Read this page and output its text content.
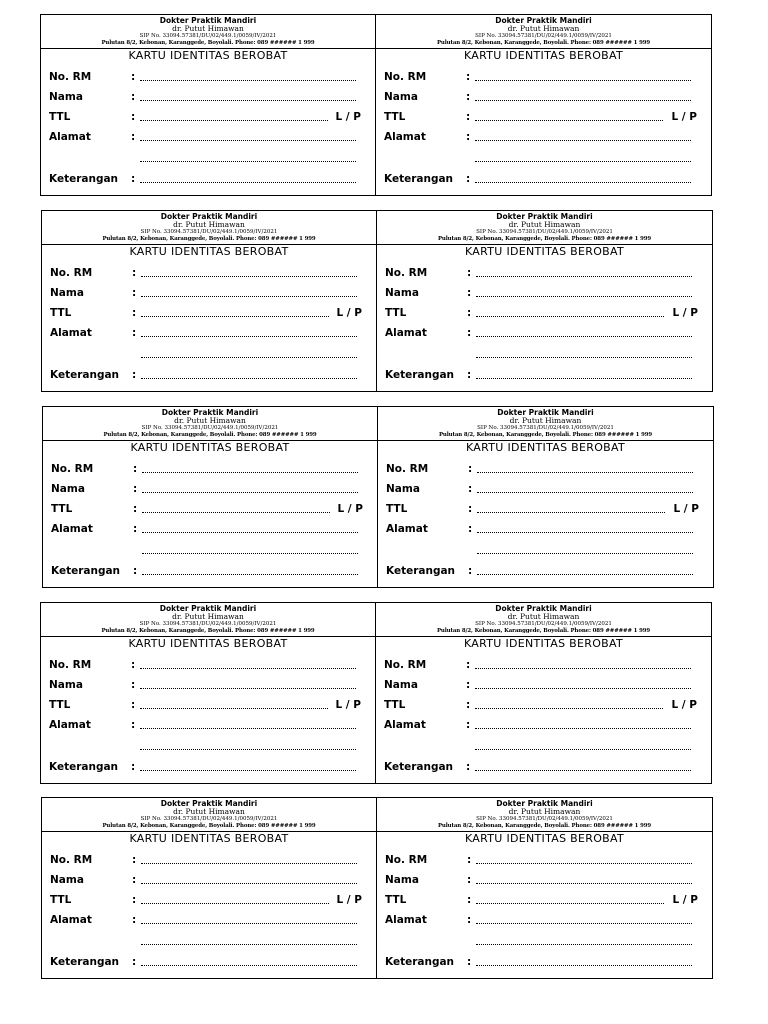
Dokter Praktik Mandiri
dr. Putut Himawan
SIP No. 33094.57381/DU/02/449.1/0059/IV/2021
Pulutan 8/2, Kebonan, Karanggede, Boyolali. Phone: 089 ###### 1 999
KARTU IDENTITAS BEROBAT
No. RM	:
Nama	:
TTL	:	L / P
Alamat	:
Keterangan :
Dokter Praktik Mandiri
dr. Putut Himawan
SIP No. 33094.57381/DU/02/449.1/0059/IV/2021
Pulutan 8/2, Kebonan, Karanggede, Boyolali. Phone: 089 ###### 1 999
KARTU IDENTITAS BEROBAT
No. RM	:
Nama	:
TTL	:	L / P
Alamat	:
Keterangan :
Dokter Praktik Mandiri
dr. Putut Himawan
SIP No. 33094.57381/DU/02/449.1/0059/IV/2021
Pulutan 8/2, Kebonan, Karanggede, Boyolali. Phone: 089 ###### 1 999
KARTU IDENTITAS BEROBAT
No. RM	:
Nama	:
TTL	:	L / P
Alamat	:
Keterangan :
Dokter Praktik Mandiri
dr. Putut Himawan
SIP No. 33094.57381/DU/02/449.1/0059/IV/2021
Pulutan 8/2, Kebonan, Karanggede, Boyolali. Phone: 089 ###### 1 999
KARTU IDENTITAS BEROBAT
No. RM	:
Nama	:
TTL	:	L / P
Alamat	:
Keterangan :
Dokter Praktik Mandiri
dr. Putut Himawan
SIP No. 33094.57381/DU/02/449.1/0059/IV/2021
Pulutan 8/2, Kebonan, Karanggede, Boyolali. Phone: 089 ###### 1 999
KARTU IDENTITAS BEROBAT
No. RM	:
Nama	:
TTL	:	L / P
Alamat	:
Keterangan :
Dokter Praktik Mandiri
dr. Putut Himawan
SIP No. 33094.57381/DU/02/449.1/0059/IV/2021
Pulutan 8/2, Kebonan, Karanggede, Boyolali. Phone: 089 ###### 1 999
KARTU IDENTITAS BEROBAT
No. RM	:
Nama	:
TTL	:	L / P
Alamat	:
Keterangan :
Dokter Praktik Mandiri
dr. Putut Himawan
SIP No. 33094.57381/DU/02/449.1/0059/IV/2021
Pulutan 8/2, Kebonan, Karanggede, Boyolali. Phone: 089 ###### 1 999
KARTU IDENTITAS BEROBAT
No. RM	:
Nama	:
TTL	:	L / P
Alamat	:
Keterangan :
Dokter Praktik Mandiri
dr. Putut Himawan
SIP No. 33094.57381/DU/02/449.1/0059/IV/2021
Pulutan 8/2, Kebonan, Karanggede, Boyolali. Phone: 089 ###### 1 999
KARTU IDENTITAS BEROBAT
No. RM	:
Nama	:
TTL	:	L / P
Alamat	:
Keterangan :
Dokter Praktik Mandiri
dr. Putut Himawan
SIP No. 33094.57381/DU/02/449.1/0059/IV/2021
Pulutan 8/2, Kebonan, Karanggede, Boyolali. Phone: 089 ###### 1 999
KARTU IDENTITAS BEROBAT
No. RM	:
Nama	:
TTL	:	L / P
Alamat	:
Keterangan :
Dokter Praktik Mandiri
dr. Putut Himawan
SIP No. 33094.57381/DU/02/449.1/0059/IV/2021
Pulutan 8/2, Kebonan, Karanggede, Boyolali. Phone: 089 ###### 1 999
KARTU IDENTITAS BEROBAT
No. RM	:
Nama	:
TTL	:	L / P
Alamat	:
Keterangan :
